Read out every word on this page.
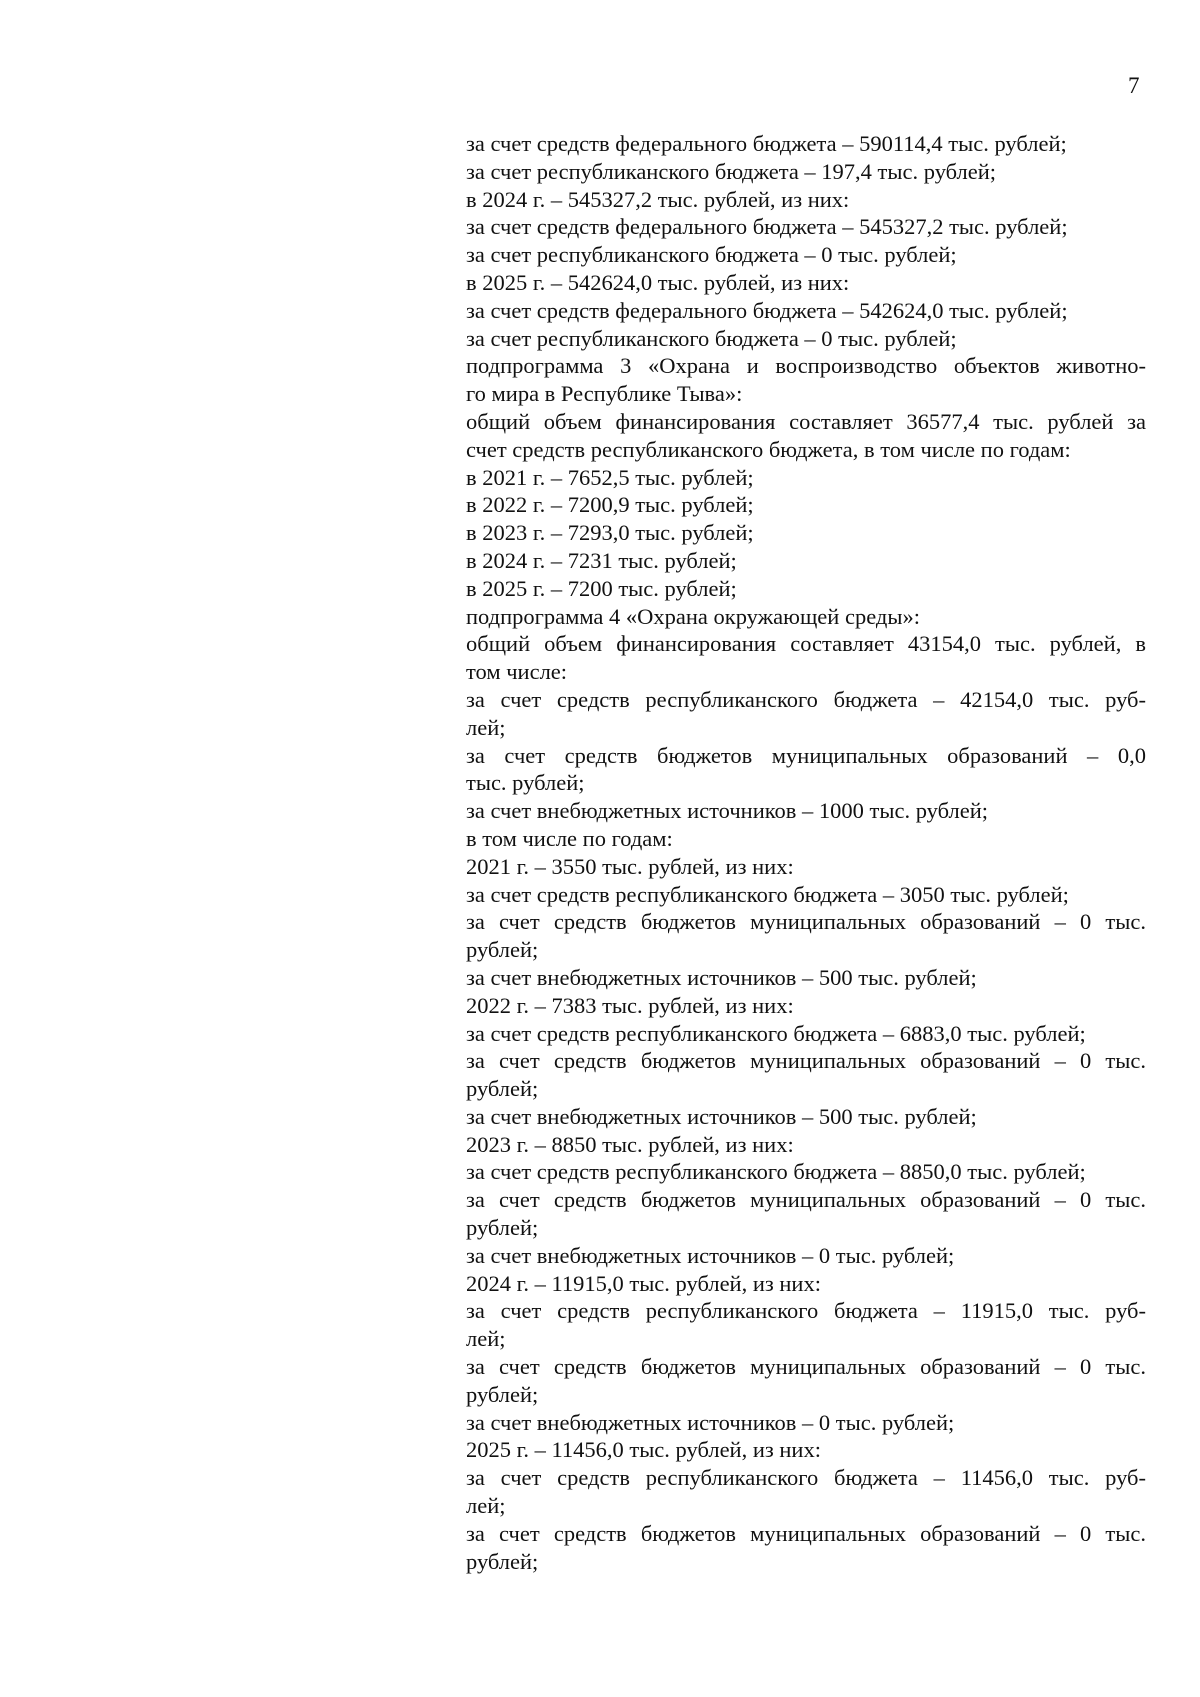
7
за счет средств федерального бюджета – 590114,4 тыс. рублей;
за счет республиканского бюджета – 197,4 тыс. рублей;
в 2024 г. – 545327,2 тыс. рублей, из них:
за счет средств федерального бюджета – 545327,2 тыс. рублей;
за счет республиканского бюджета – 0 тыс. рублей;
в 2025 г. – 542624,0 тыс. рублей, из них:
за счет средств федерального бюджета – 542624,0 тыс. рублей;
за счет республиканского бюджета – 0 тыс. рублей;
подпрограмма 3 «Охрана и воспроизводство объектов животно-
го мира в Республике Тыва»:
общий объем финансирования составляет 36577,4 тыс. рублей за
счет средств республиканского бюджета, в том числе по годам:
в 2021 г. – 7652,5 тыс. рублей;
в 2022 г. – 7200,9 тыс. рублей;
в 2023 г. – 7293,0 тыс. рублей;
в 2024 г. – 7231 тыс. рублей;
в 2025 г. – 7200 тыс. рублей;
подпрограмма 4 «Охрана окружающей среды»:
общий объем финансирования составляет 43154,0 тыс. рублей, в
том числе:
за счет средств республиканского бюджета – 42154,0 тыс. руб-
лей;
за счет средств бюджетов муниципальных образований – 0,0
тыс. рублей;
за счет внебюджетных источников – 1000 тыс. рублей;
в том числе по годам:
2021 г. – 3550 тыс. рублей, из них:
за счет средств республиканского бюджета – 3050 тыс. рублей;
за счет средств бюджетов муниципальных образований – 0 тыс.
рублей;
за счет внебюджетных источников – 500 тыс. рублей;
2022 г. – 7383 тыс. рублей, из них:
за счет средств республиканского бюджета – 6883,0 тыс. рублей;
за счет средств бюджетов муниципальных образований – 0 тыс.
рублей;
за счет внебюджетных источников – 500 тыс. рублей;
2023 г. – 8850 тыс. рублей, из них:
за счет средств республиканского бюджета – 8850,0 тыс. рублей;
за счет средств бюджетов муниципальных образований – 0 тыс.
рублей;
за счет внебюджетных источников – 0 тыс. рублей;
2024 г. – 11915,0 тыс. рублей, из них:
за счет средств республиканского бюджета – 11915,0 тыс. руб-
лей;
за счет средств бюджетов муниципальных образований – 0 тыс.
рублей;
за счет внебюджетных источников – 0 тыс. рублей;
2025 г. – 11456,0 тыс. рублей, из них:
за счет средств республиканского бюджета – 11456,0 тыс. руб-
лей;
за счет средств бюджетов муниципальных образований – 0 тыс.
рублей;
